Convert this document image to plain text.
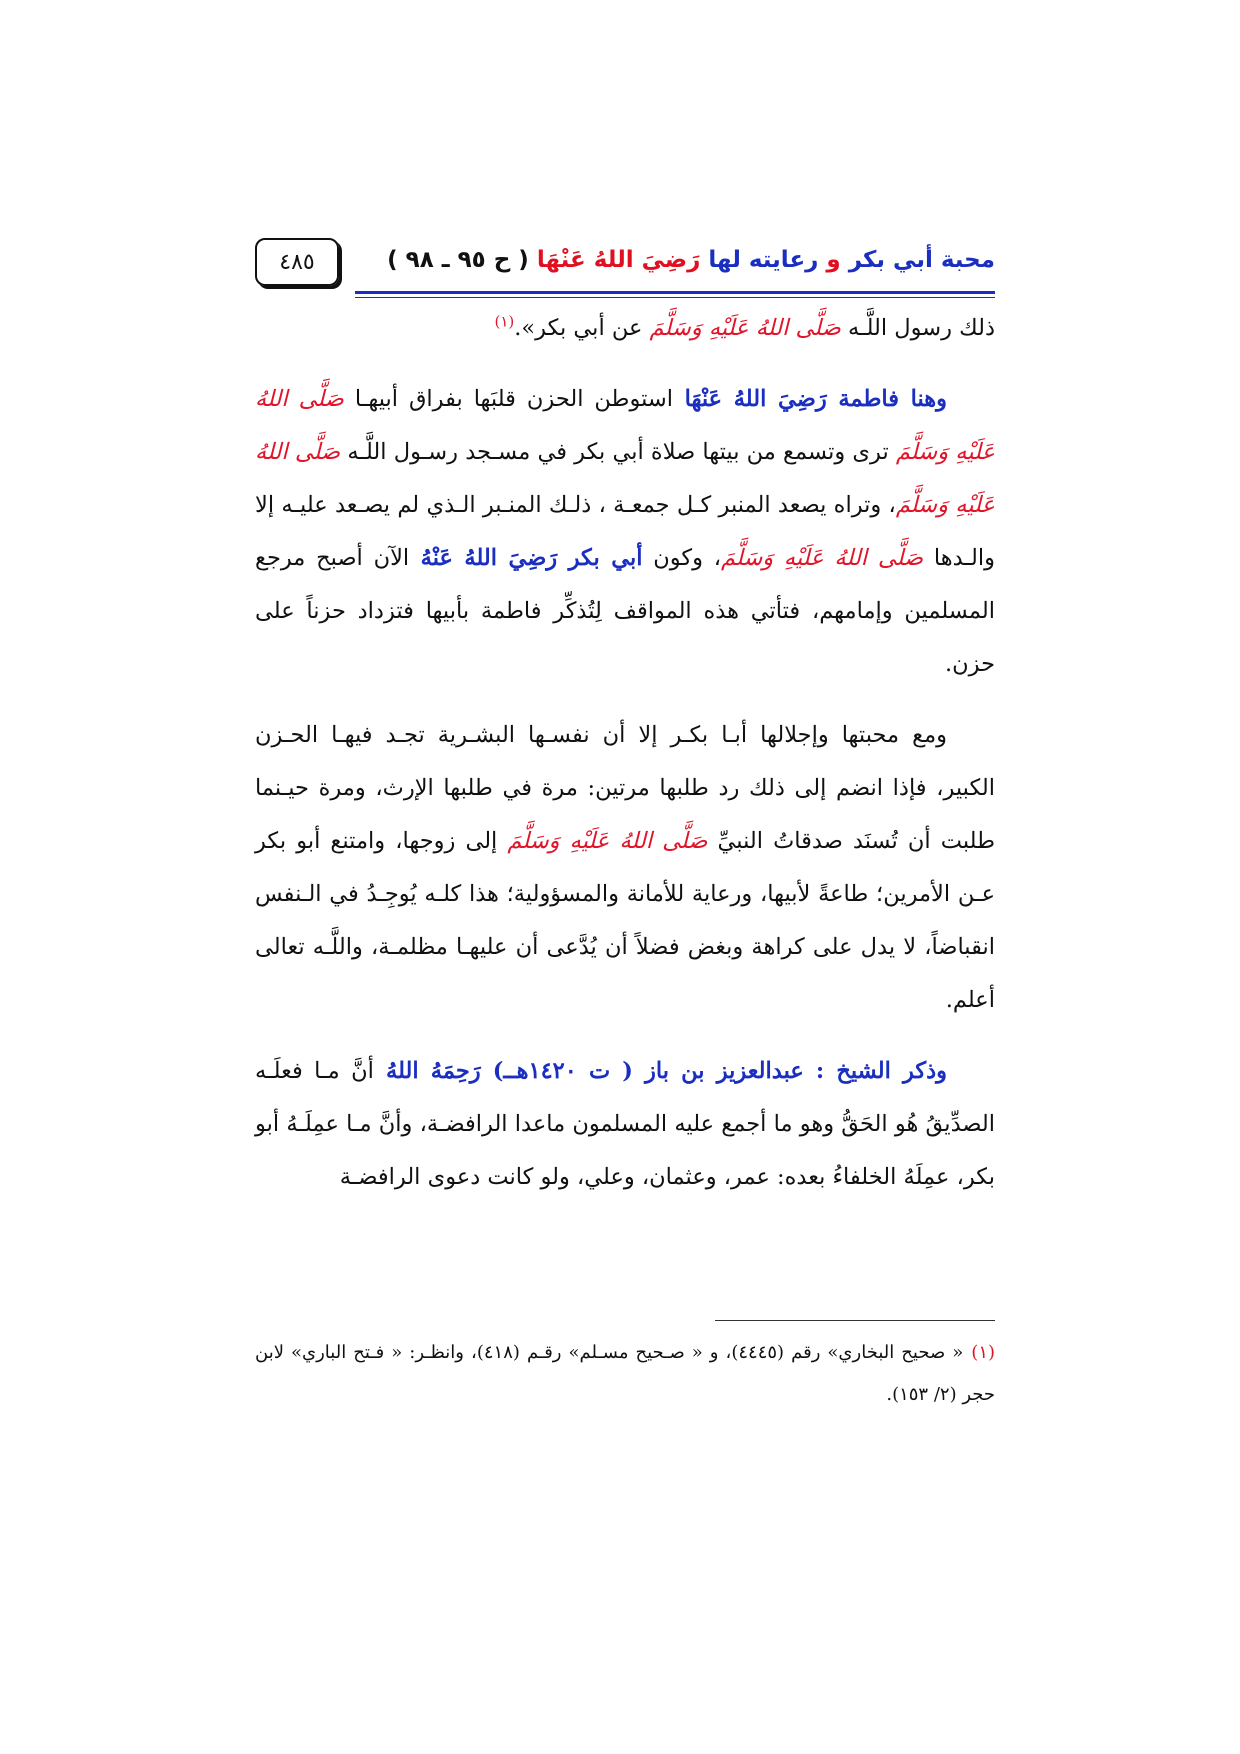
٤٨٥	محبة أبي بكر و رعايته لها رَضِيَ اللهُ عَنْهَا ( ح ٩٥ ـ ٩٨ )

ذلك رسول اللَّـه صَلَّى اللهُ عَلَيْهِ وَسَلَّمَ عن أبي بكر».$^{(١)}$

وهنا فاطمة رَضِيَ اللهُ عَنْهَا استوطن الحزن قلبَها بفراق أبيهـا صَلَّى اللهُ عَلَيْهِ وَسَلَّمَ ترى وتسمع من بيتها صلاة أبي بكر في مسـجد رسـول اللَّـه صَلَّى اللهُ عَلَيْهِ وَسَلَّمَ، وتراه يصعد المنبر كـل جمعـة ، ذلـك المنـبر الـذي لم يصـعد عليـه إلا والـدها صَلَّى اللهُ عَلَيْهِ وَسَلَّمَ، وكون أبي بكر رَضِيَ اللهُ عَنْهُ الآن أصبح مرجع المسلمين وإمامهم، فتأتي هذه المواقف لِتُذكِّر فاطمة بأبيها فتزداد حزناً على حزن.

ومع محبتها وإجلالها أبـا بكـر إلا أن نفسـها البشـرية تجـد فيهـا الحـزن الكبير، فإذا انضم إلى ذلك رد طلبها مرتين: مرة في طلبها الإرث، ومرة حيـنما طلبت أن تُسنَد صدقاتُ النبيِّ صَلَّى اللهُ عَلَيْهِ وَسَلَّمَ إلى زوجها، وامتنع أبو بكر عـن الأمرين؛ طاعةً لأبيها، ورعاية للأمانة والمسؤولية؛ هذا كلـه يُوجِـدُ في الـنفس انقباضاً، لا يدل على كراهة وبغض فضلاً أن يُدَّعى أن عليهـا مظلمـة، واللَّـه تعالى أعلم.

وذكر الشيخ : عبدالعزيز بن باز ( ت ١٤٢٠هــ) رَحِمَهُ اللهُ أنَّ مـا فعلَـه الصدِّيقُ هُو الحَقُّ وهو ما أجمع عليه المسلمون ماعدا الرافضـة، وأنَّ مـا عمِلَـهُ أبو بكر، عمِلَهُ الخلفاءُ بعده: عمر، وعثمان، وعلي، ولو كانت دعوى الرافضـة

(١)« صحيح البخاري» رقم (٤٤٤٥)، و « صـحيح مسـلم» رقـم (٤١٨)، وانظـر: « فـتح الباري» لابن حجر (٢/ ١٥٣).
